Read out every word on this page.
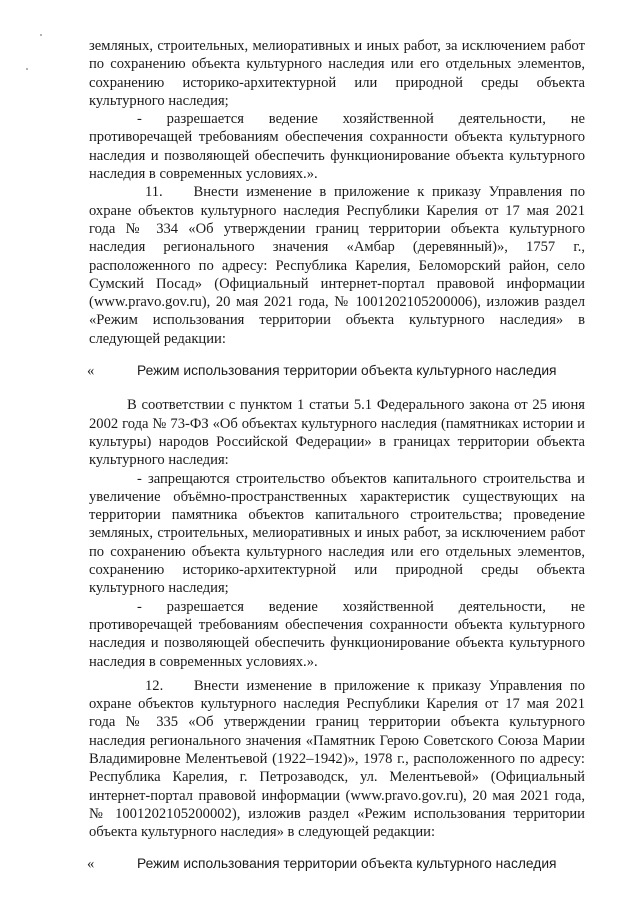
земляных, строительных, мелиоративных и иных работ, за исключением работ по сохранению объекта культурного наследия или его отдельных элементов, сохранению историко-архитектурной или природной среды объекта культурного наследия;

- разрешается ведение хозяйственной деятельности, не противоречащей требованиям обеспечения сохранности объекта культурного наследия и позволяющей обеспечить функционирование объекта культурного наследия в современных условиях.».

11.    Внести изменение в приложение к приказу Управления по охране объектов культурного наследия Республики Карелия от 17 мая 2021 года № 334 «Об утверждении границ территории объекта культурного наследия регионального значения «Амбар (деревянный)», 1757 г., расположенного по адресу: Республика Карелия, Беломорский район, село Сумский Посад» (Официальный интернет-портал правовой информации (www.pravo.gov.ru), 20 мая 2021 года, № 1001202105200006), изложив раздел «Режим использования территории объекта культурного наследия» в следующей редакции:

«	Режим использования территории объекта культурного наследия

В соответствии с пунктом 1 статьи 5.1 Федерального закона от 25 июня 2002 года № 73-ФЗ «Об объектах культурного наследия (памятниках истории и культуры) народов Российской Федерации» в границах территории объекта культурного наследия:

- запрещаются строительство объектов капитального строительства и увеличение объёмно-пространственных характеристик существующих на территории памятника объектов капитального строительства; проведение земляных, строительных, мелиоративных и иных работ, за исключением работ по сохранению объекта культурного наследия или его отдельных элементов, сохранению историко-архитектурной или природной среды объекта культурного наследия;

- разрешается ведение хозяйственной деятельности, не противоречащей требованиям обеспечения сохранности объекта культурного наследия и позволяющей обеспечить функционирование объекта культурного наследия в современных условиях.».

12.    Внести изменение в приложение к приказу Управления по охране объектов культурного наследия Республики Карелия от 17 мая 2021 года № 335 «Об утверждении границ территории объекта культурного наследия регионального значения «Памятник Герою Советского Союза Марии Владимировне Мелентьевой (1922–1942)», 1978 г., расположенного по адресу: Республика Карелия, г. Петрозаводск, ул. Мелентьевой» (Официальный интернет-портал правовой информации (www.pravo.gov.ru), 20 мая 2021 года, № 1001202105200002), изложив раздел «Режим использования территории объекта культурного наследия» в следующей редакции:

«	Режим использования территории объекта культурного наследия
